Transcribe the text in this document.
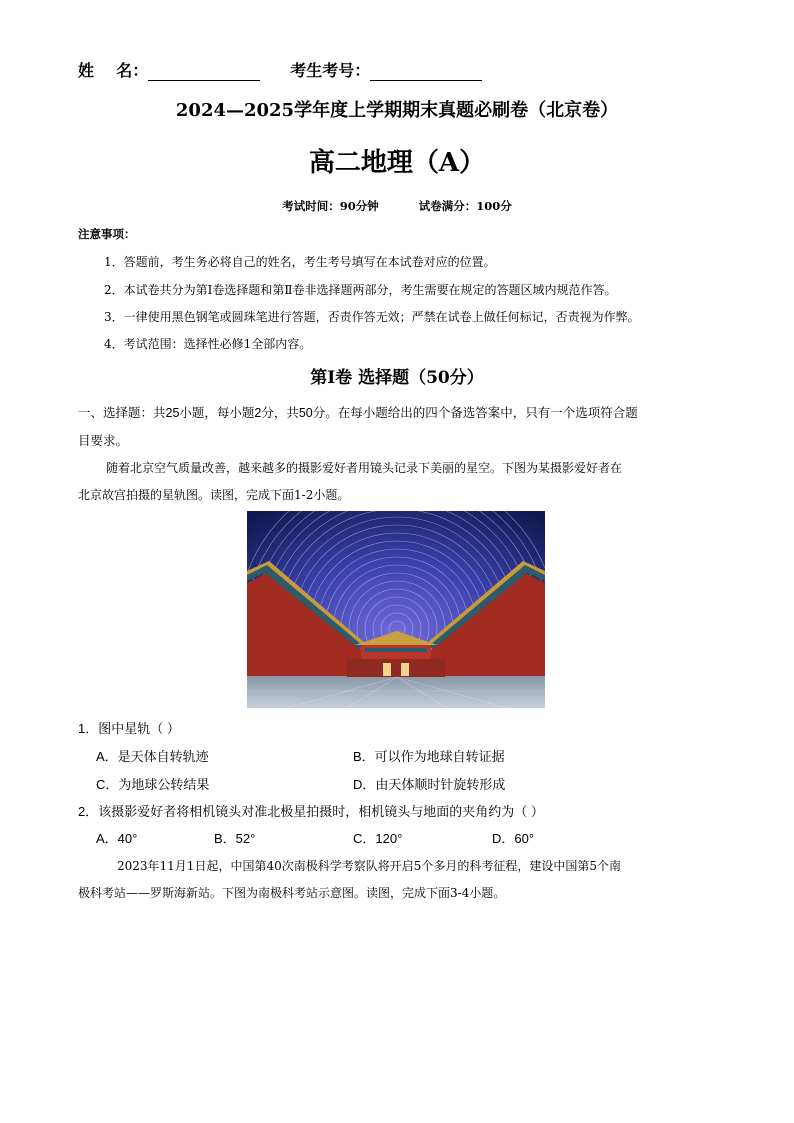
姓    名：	考生考号：
2024—2025学年度上学期期末真题必刷卷（北京卷）
高二地理（A）
考试时间：90分钟	试卷满分：100分
注意事项：
1．答题前，考生务必将自己的姓名，考生考号填写在本试卷对应的位置。
2．本试卷共分为第Ⅰ卷选择题和第Ⅱ卷非选择题两部分，考生需要在规定的答题区域内规范作答。
3．一律使用黑色钢笔或圆珠笔进行答题，否责作答无效；严禁在试卷上做任何标记，否责视为作弊。
4．考试范围：选择性必修1全部内容。
第Ⅰ卷 选择题（50分）
一、选择题：共25小题，每小题2分，共50分。在每小题给出的四个备选答案中，只有一个选项符合题
目要求。
随着北京空气质量改善，越来越多的摄影爱好者用镜头记录下美丽的星空。下图为某摄影爱好者在
北京故宫拍摄的星轨图。读图，完成下面1-2小题。
1．图中星轨（ ）
A．是天体自转轨迹	B．可以作为地球自转证据
C．为地球公转结果	D．由天体顺时针旋转形成
2．该摄影爱好者将相机镜头对准北极星拍摄时，相机镜头与地面的夹角约为（ ）
A．40°	B．52°	C．120°	D．60°
2023年11月1日起，中国第40次南极科学考察队将开启5个多月的科考征程，建设中国第5个南
极科考站——罗斯海新站。下图为南极科考站示意图。读图，完成下面3-4小题。
